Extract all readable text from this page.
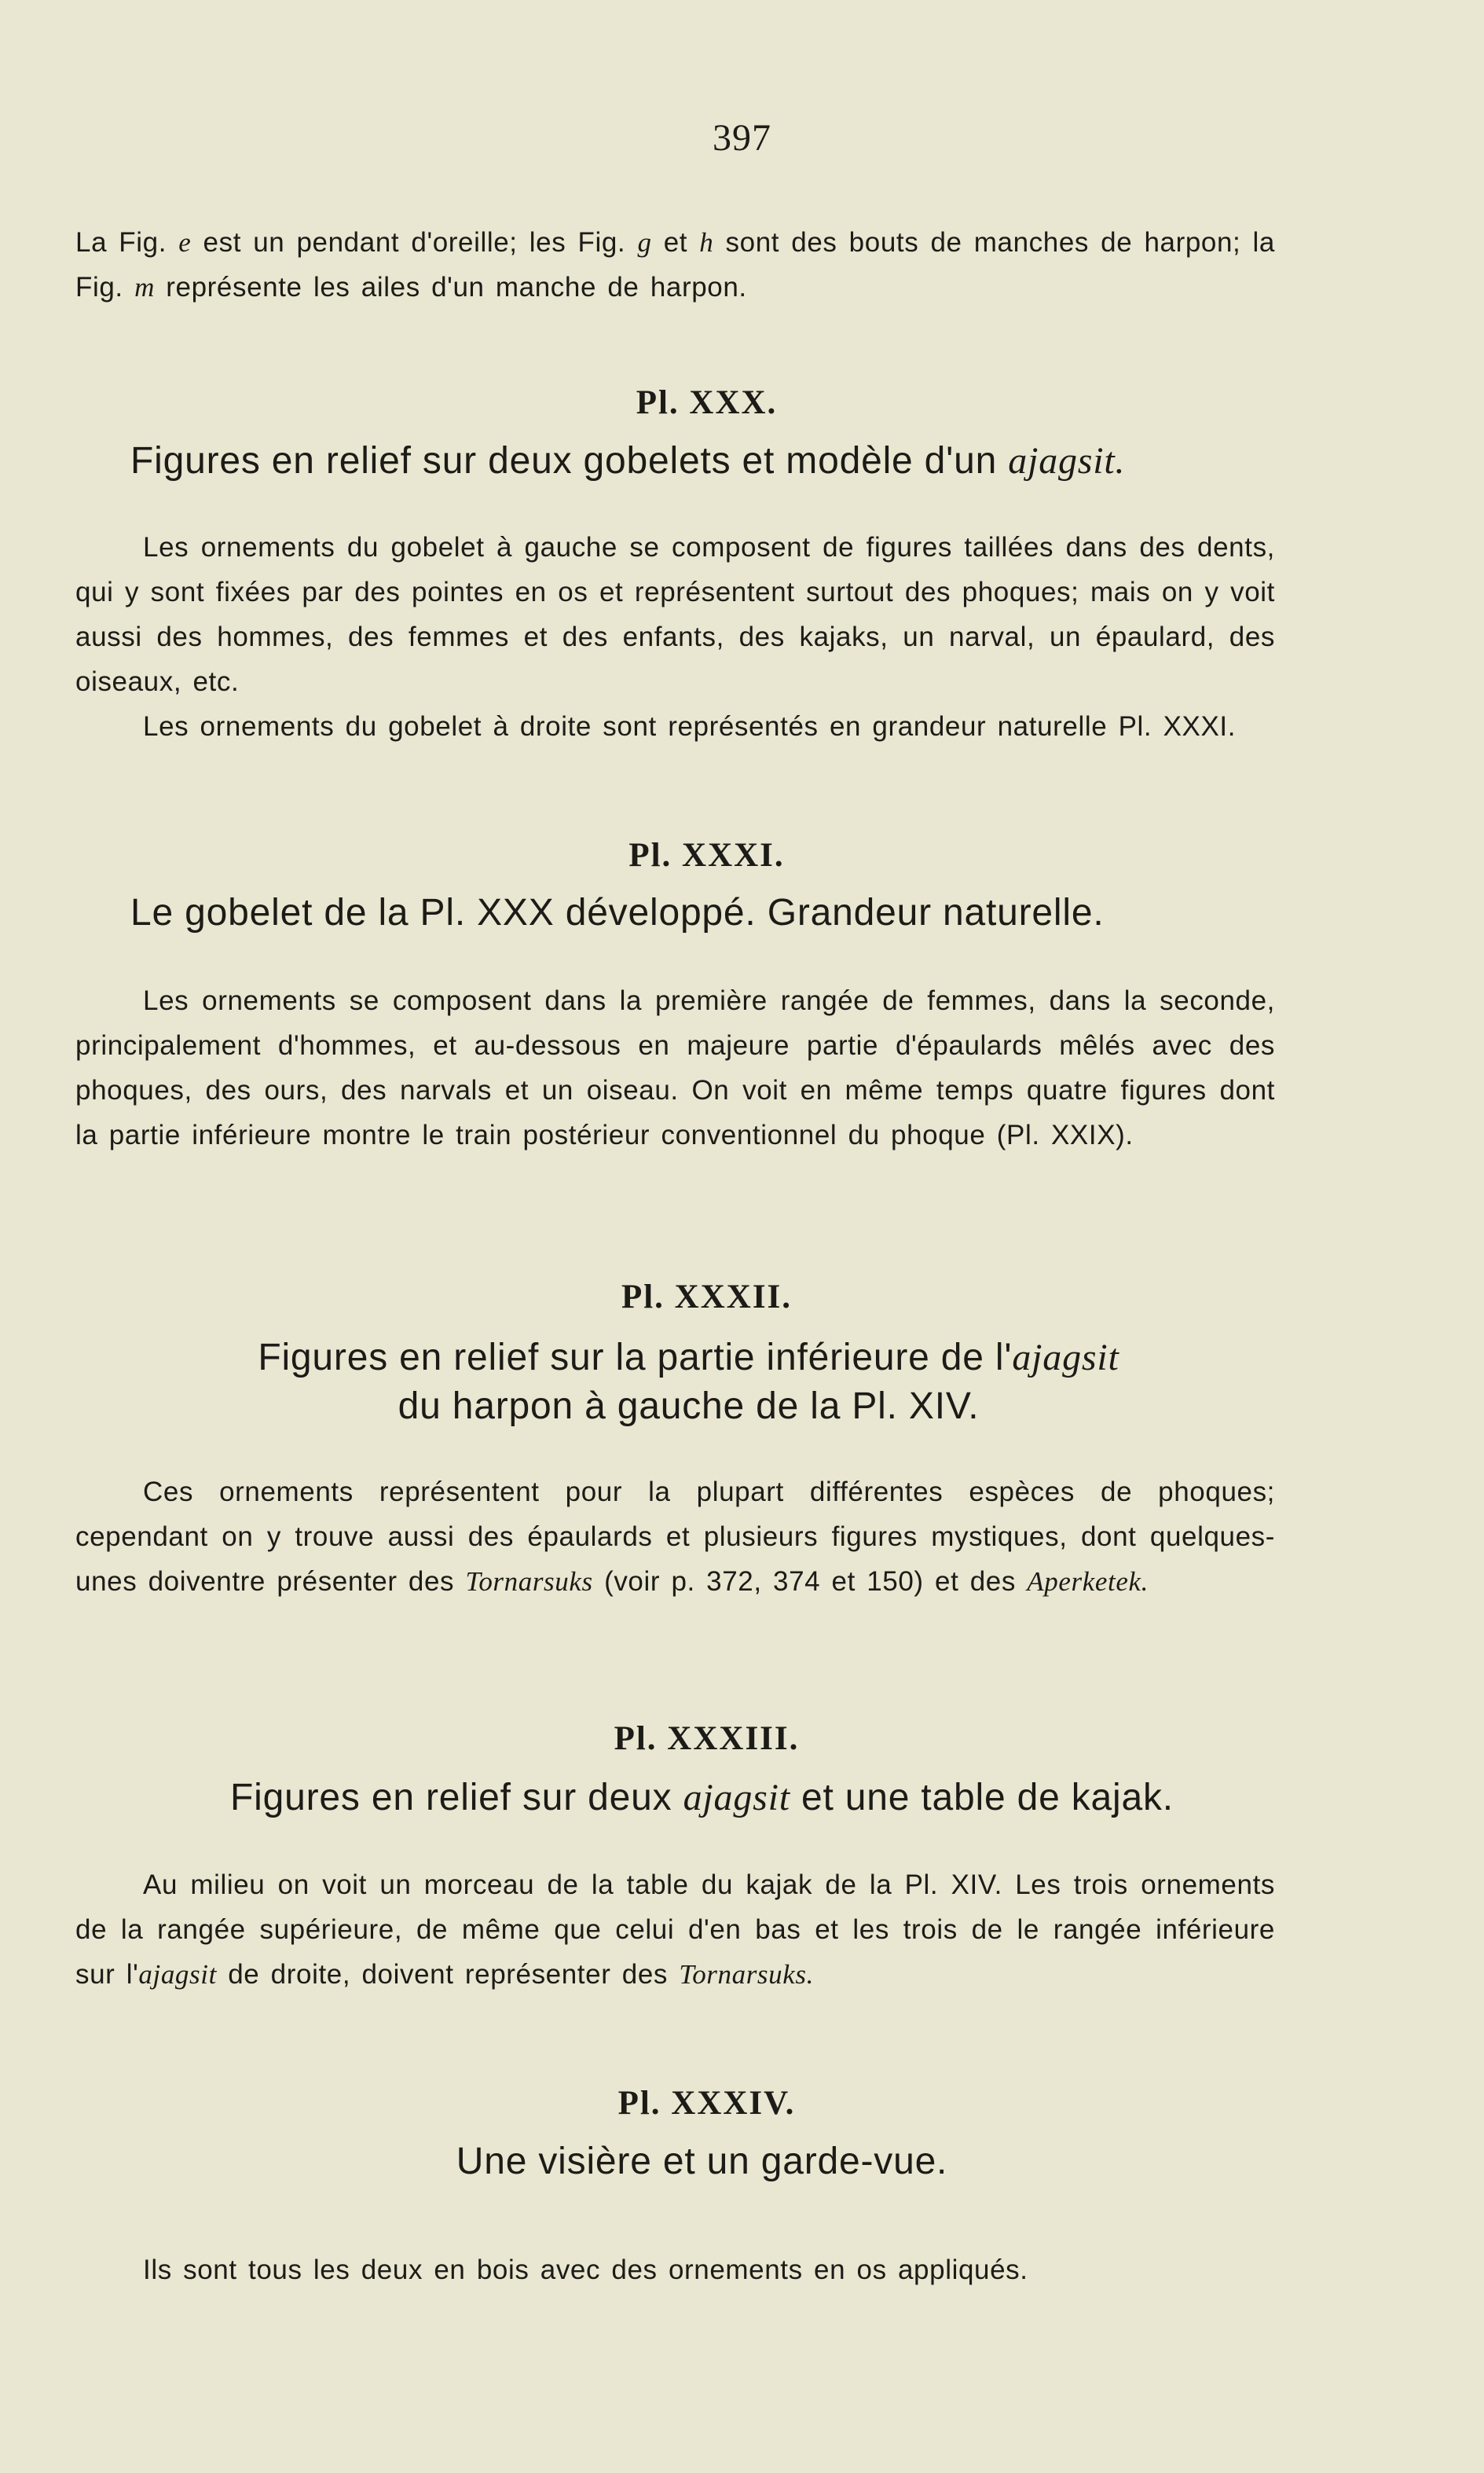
397

La Fig. e est un pendant d'oreille; les Fig. g et h sont des bouts de manches de harpon; la Fig. m représente les ailes d'un manche de harpon.

Pl. XXX.

Figures en relief sur deux gobelets et modèle d'un ajagsit.

Les ornements du gobelet à gauche se composent de figures taillées dans des dents, qui y sont fixées par des pointes en os et représentent surtout des phoques; mais on y voit aussi des hommes, des femmes et des enfants, des kajaks, un narval, un épaulard, des oiseaux, etc.

Les ornements du gobelet à droite sont représentés en grandeur naturelle Pl. XXXI.

Pl. XXXI.

Le gobelet de la Pl. XXX développé. Grandeur naturelle.

Les ornements se composent dans la première rangée de femmes, dans la seconde, principalement d'hommes, et au-dessous en majeure partie d'épaulards mêlés avec des phoques, des ours, des narvals et un oiseau. On voit en même temps quatre figures dont la partie inférieure montre le train postérieur conventionnel du phoque (Pl. XXIX).

Pl. XXXII.

Figures en relief sur la partie inférieure de l'ajagsit

du harpon à gauche de la Pl. XIV.

Ces ornements représentent pour la plupart différentes espèces de phoques; cependant on y trouve aussi des épaulards et plusieurs figures mystiques, dont quelques-unes doiventre présenter des Tornarsuks (voir p. 372, 374 et 150) et des Aperketek.

Pl. XXXIII.

Figures en relief sur deux ajagsit et une table de kajak.

Au milieu on voit un morceau de la table du kajak de la Pl. XIV. Les trois ornements de la rangée supérieure, de même que celui d'en bas et les trois de le rangée inférieure sur l'ajagsit de droite, doivent représenter des Tornarsuks.

Pl. XXXIV.

Une visière et un garde-vue.

Ils sont tous les deux en bois avec des ornements en os appliqués.
